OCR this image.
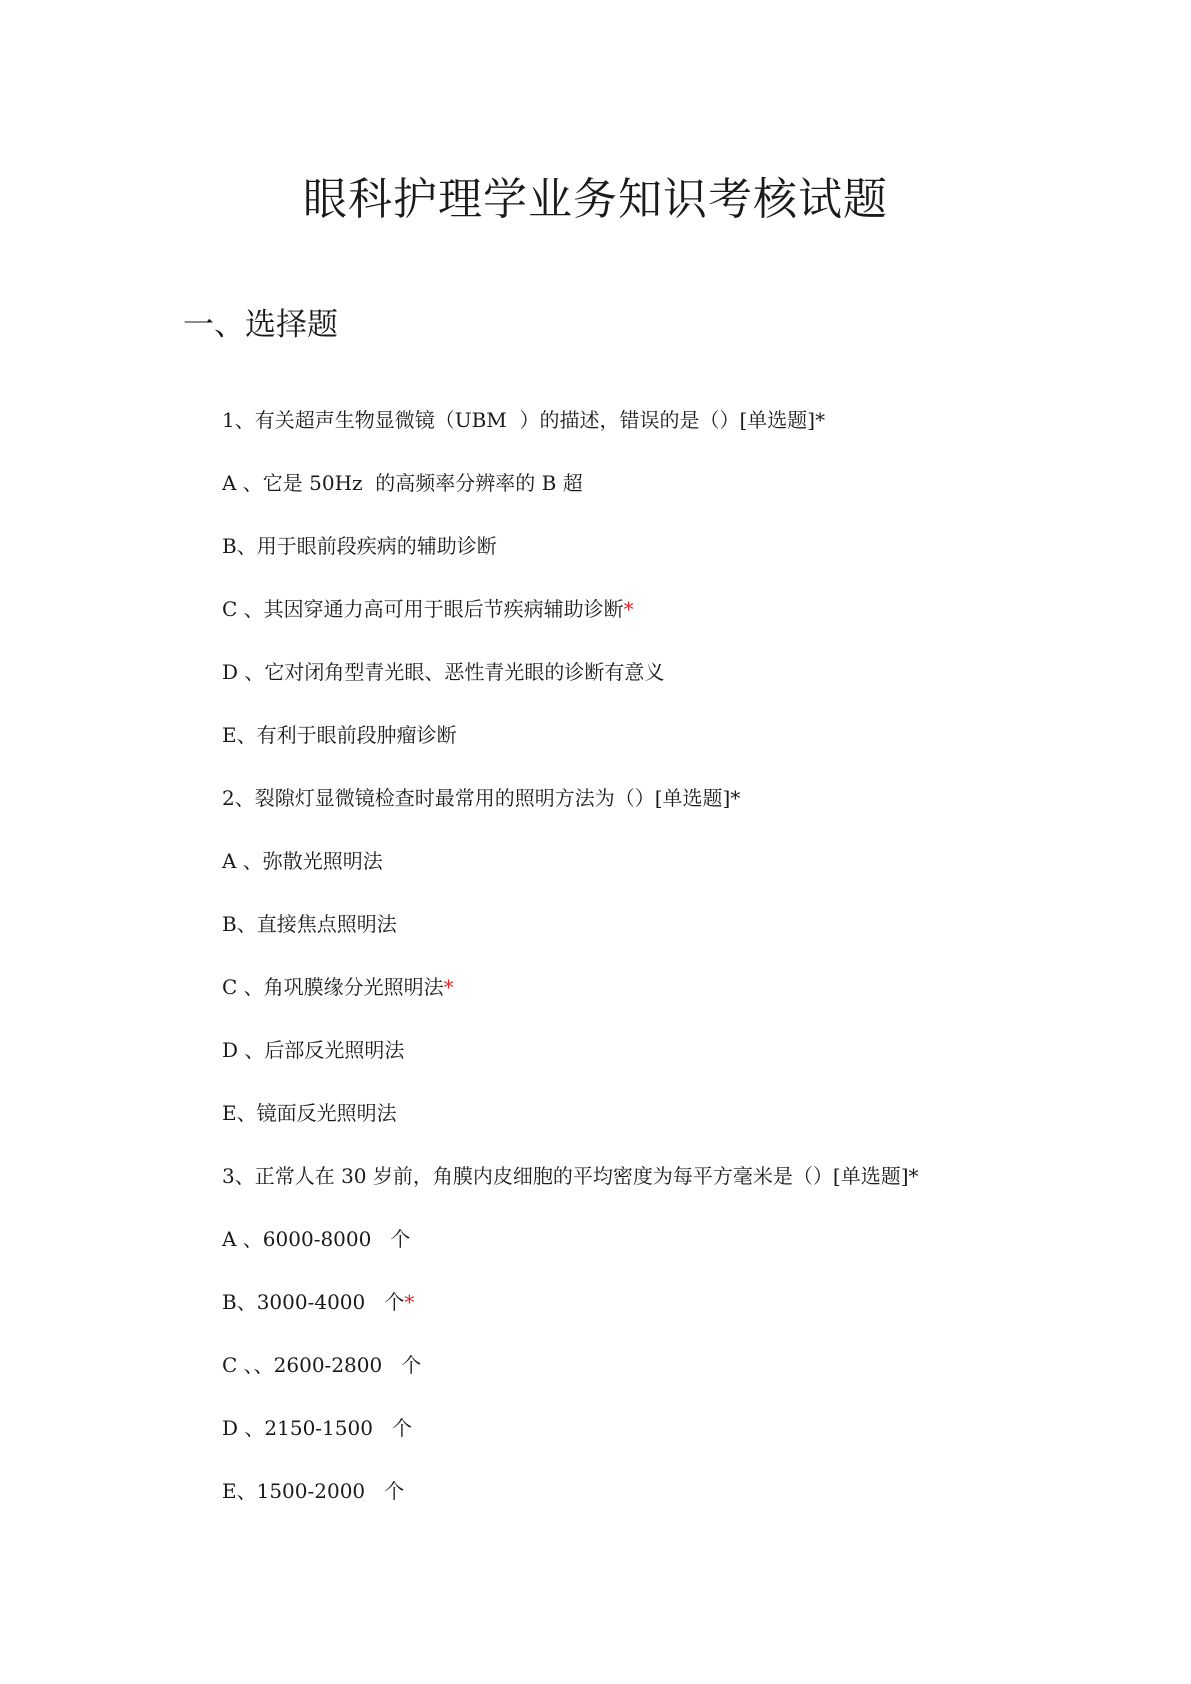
眼科护理学业务知识考核试题
一、选择题
1、有关超声生物显微镜（UBM  ）的描述，错误的是（）[单选题]*
A 、它是 50Hz  的高频率分辨率的 B 超
B、用于眼前段疾病的辅助诊断
C 、其因穿通力高可用于眼后节疾病辅助诊断*
D 、它对闭角型青光眼、恶性青光眼的诊断有意义
E、有利于眼前段肿瘤诊断
2、裂隙灯显微镜检查时最常用的照明方法为（）[单选题]*
A 、弥散光照明法
B、直接焦点照明法
C 、角巩膜缘分光照明法*
D 、后部反光照明法
E、镜面反光照明法
3、正常人在 30 岁前，角膜内皮细胞的平均密度为每平方毫米是（）[单选题]*
A 、6000-8000   个
B、3000-4000   个*
C 、、2600-2800   个
D 、2150-1500   个
E、1500-2000   个
